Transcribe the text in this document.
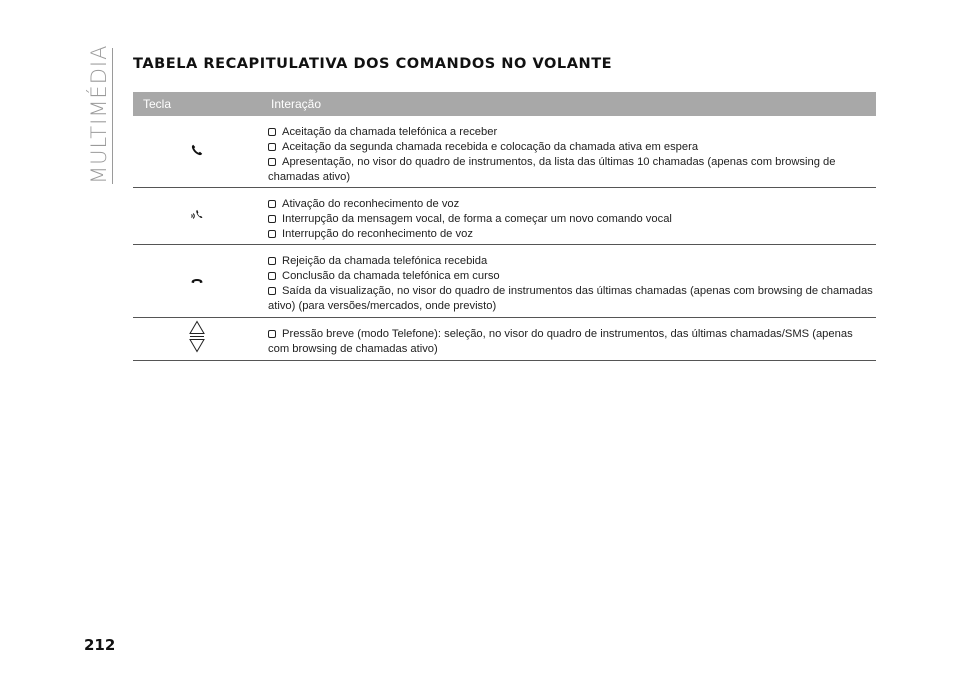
MULTIMÉDIA TABELA RECAPITULATIVA DOS COMANDOS NO VOLANTE
Tecla	Interação
Aceitação da chamada telefónica a receber
Aceitação da segunda chamada recebida e colocação da chamada ativa em espera
Apresentação, no visor do quadro de instrumentos, da lista das últimas 10 chamadas (apenas com browsing de chamadas ativo)
Ativação do reconhecimento de voz
Interrupção da mensagem vocal, de forma a começar um novo comando vocal
Interrupção do reconhecimento de voz
Rejeição da chamada telefónica recebida
Conclusão da chamada telefónica em curso
Saída da visualização, no visor do quadro de instrumentos das últimas chamadas (apenas com browsing de chamadas ativo) (para versões/mercados, onde previsto)
Pressão breve (modo Telefone): seleção, no visor do quadro de instrumentos, das últimas chamadas/SMS (apenas com browsing de chamadas ativo)
212
